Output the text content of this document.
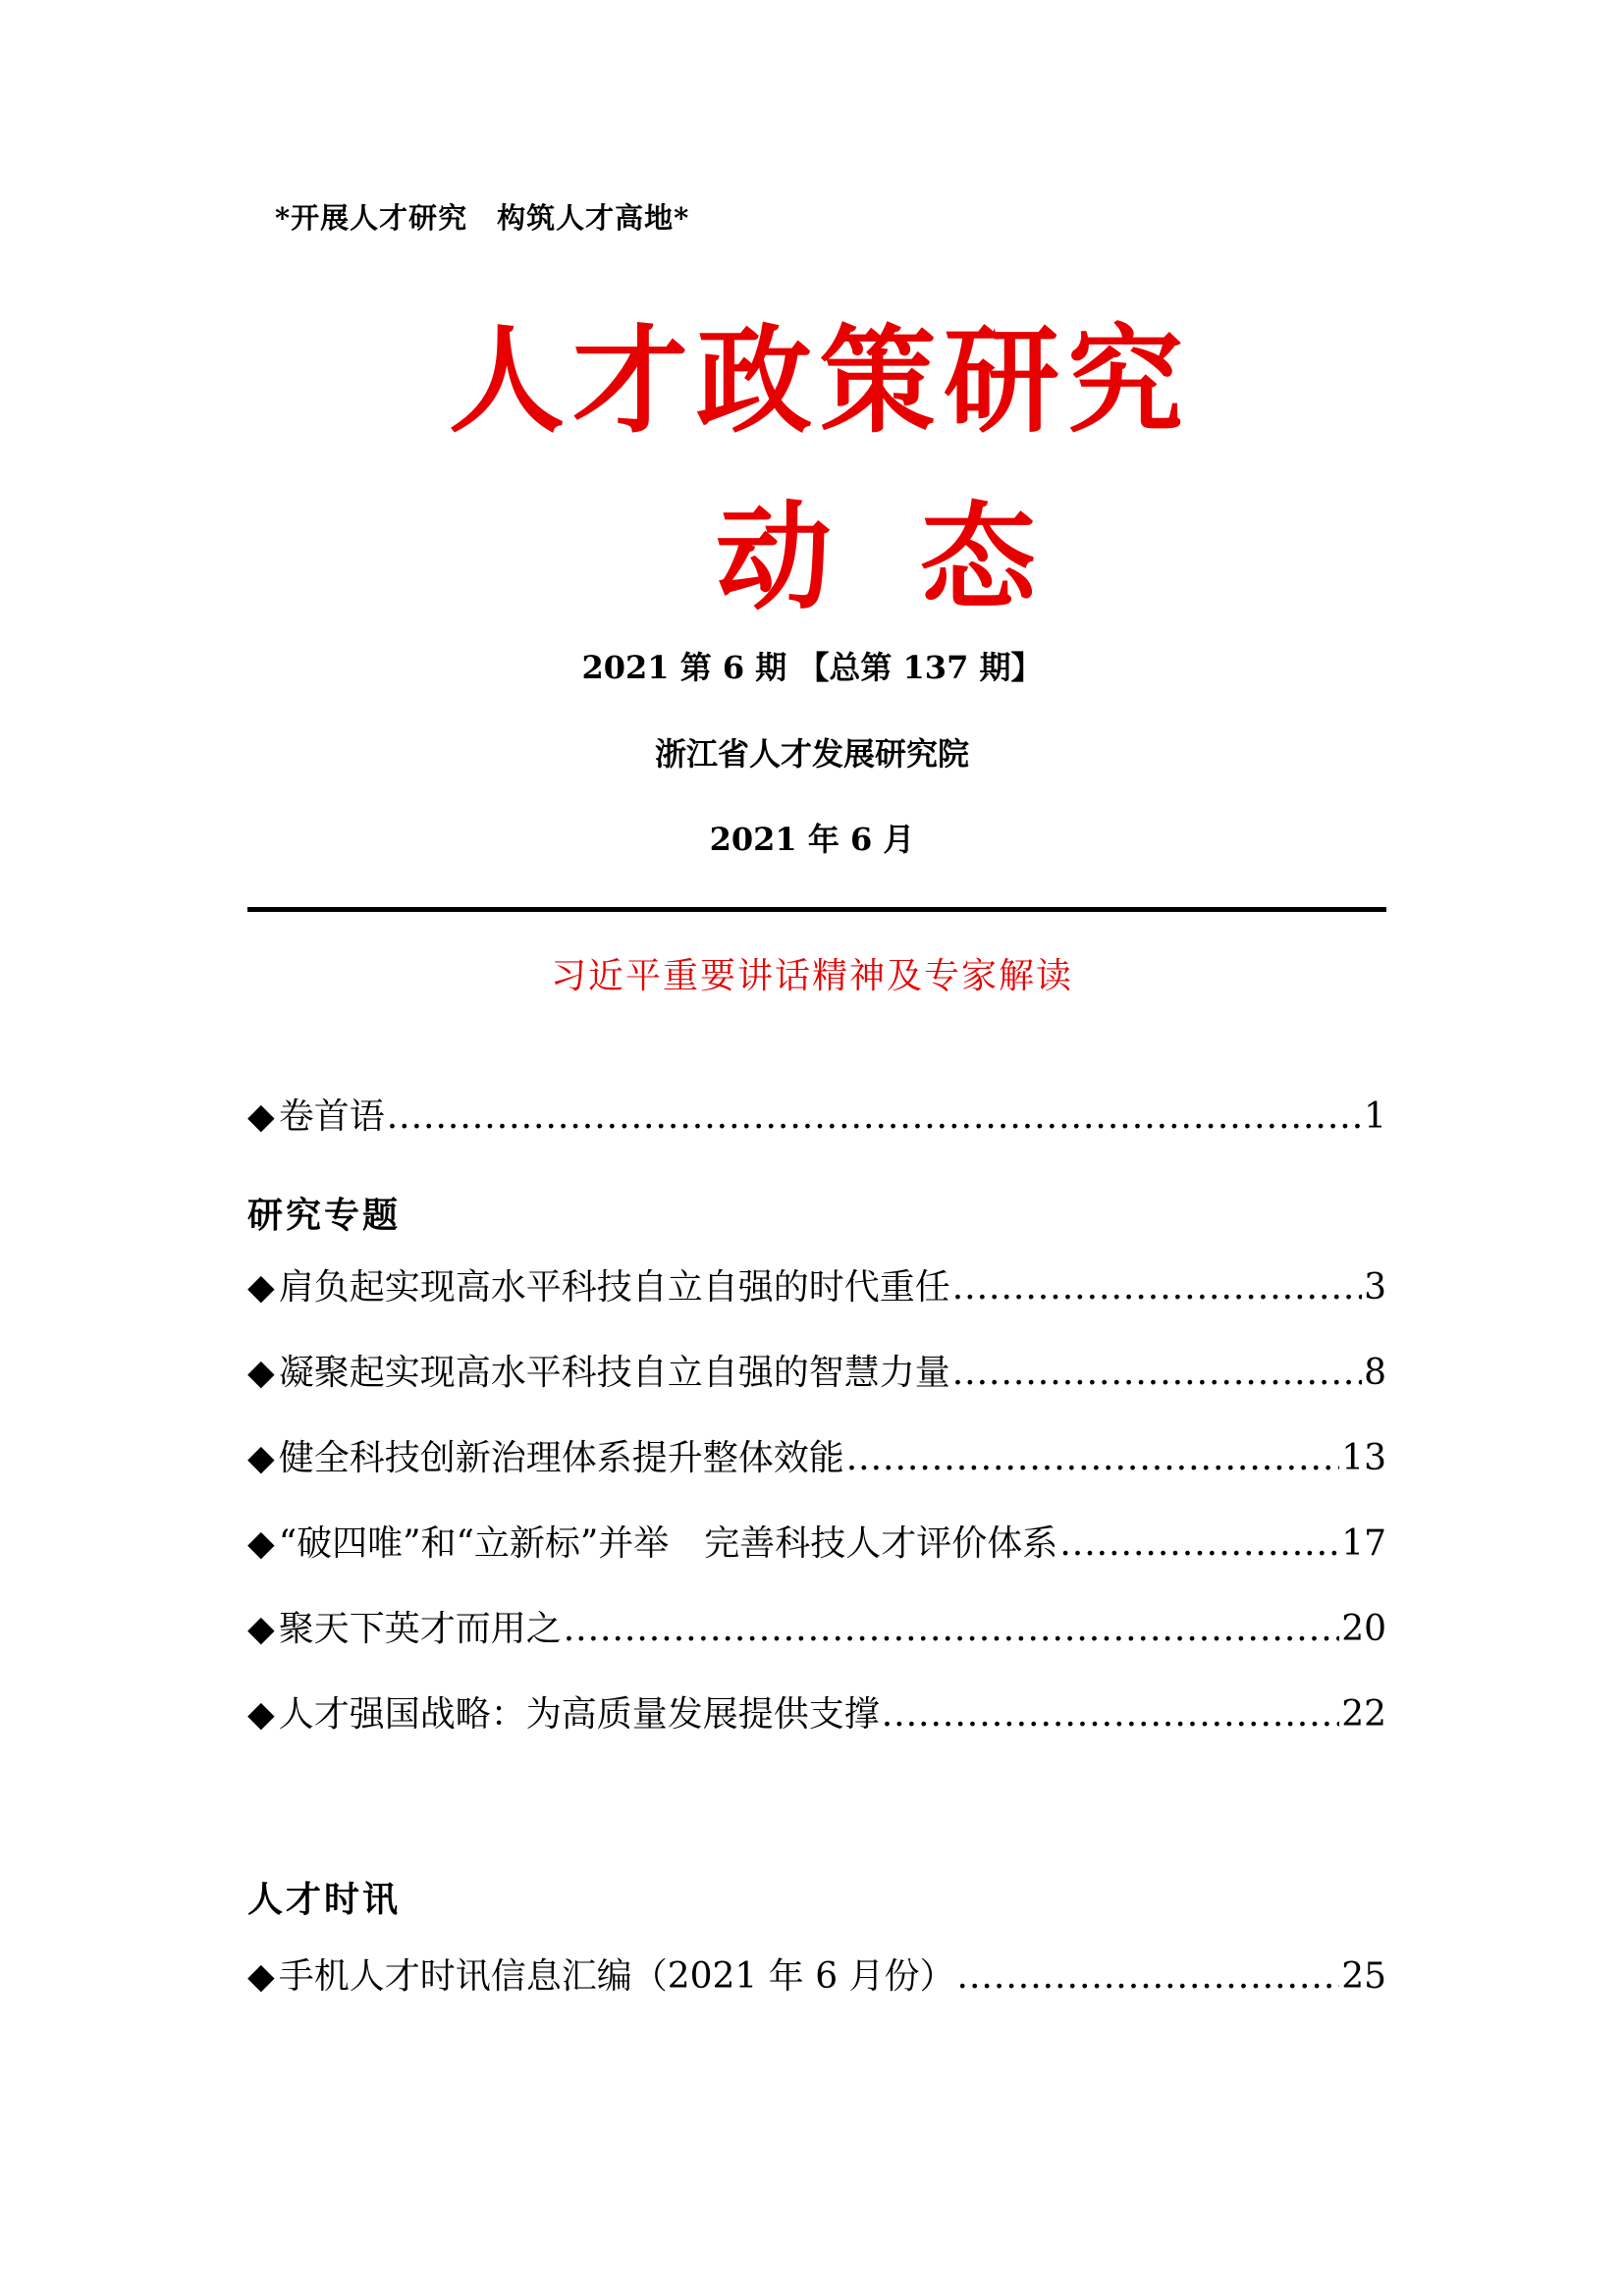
*开展人才研究　构筑人才高地*
人才政策研究
动态
2021 第 6 期 【总第 137 期】
浙江省人才发展研究院
2021 年 6 月
习近平重要讲话精神及专家解读
◆ 卷首语 .....	1
研究专题
◆ 肩负起实现高水平科技自立自强的时代重任 .....	3
◆ 凝聚起实现高水平科技自立自强的智慧力量 .....	8
◆ 健全科技创新治理体系提升整体效能 .....	13
◆ “破四唯”和“立新标”并举　完善科技人才评价体系 .....	17
◆ 聚天下英才而用之 .....	20
◆ 人才强国战略：为高质量发展提供支撑 .....	22
人才时讯
◆ 手机人才时讯信息汇编（2021 年 6 月份） .....	25
